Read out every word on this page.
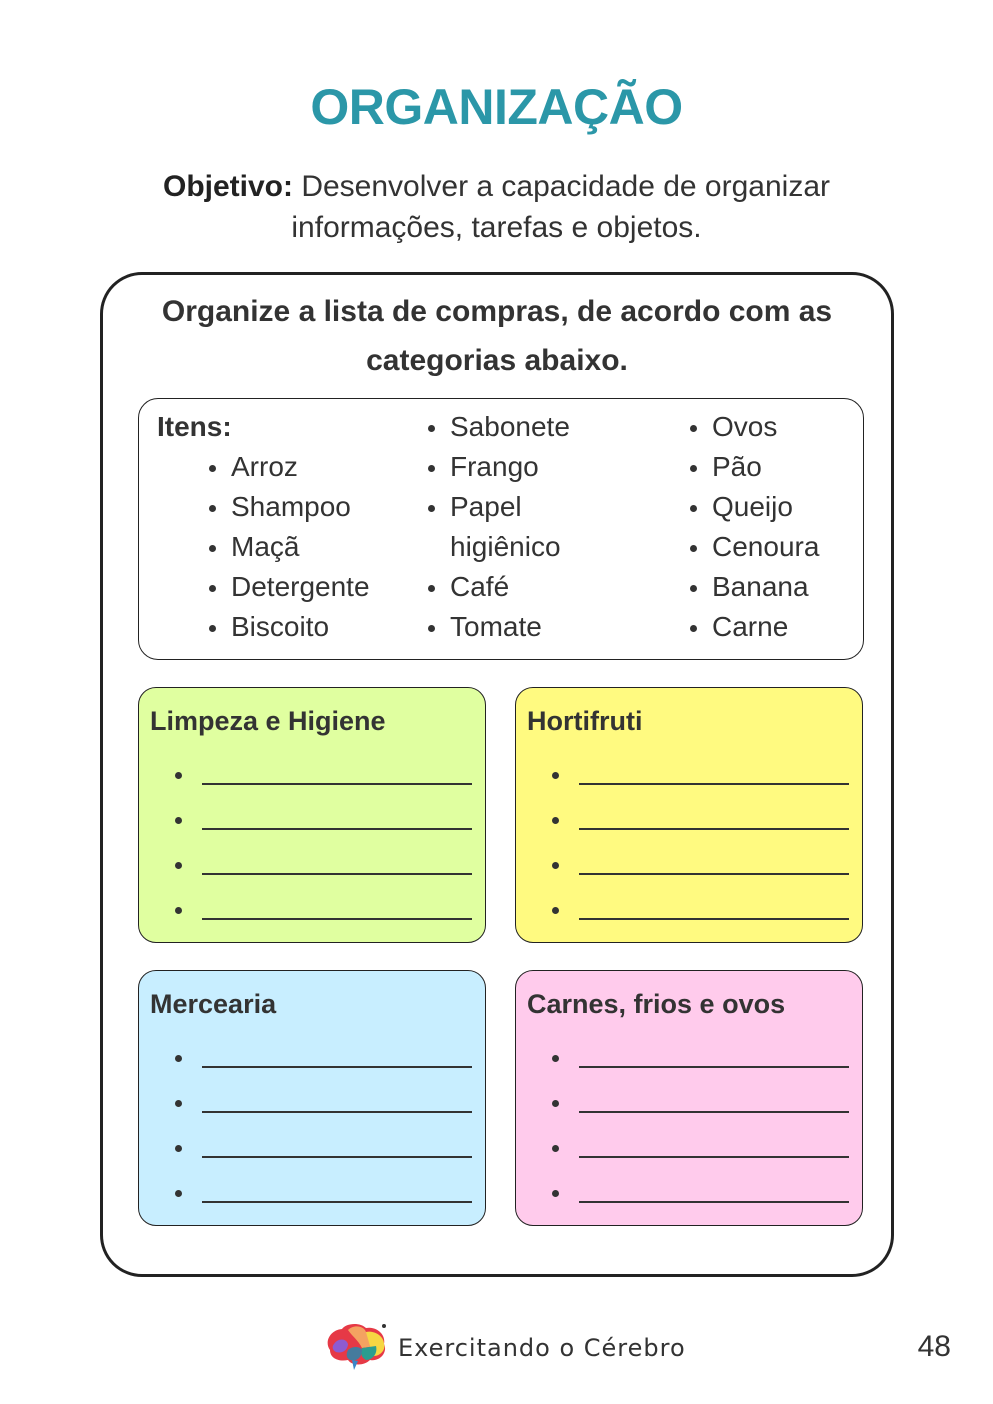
ORGANIZAÇÃO
Objetivo: Desenvolver a capacidade de organizar informações, tarefas e objetos.
Organize a lista de compras, de acordo com as categorias abaixo.
Itens:
Arroz
Shampoo
Maçã
Detergente
Biscoito
Sabonete
Frango
Papel higiênico
Café
Tomate
Ovos
Pão
Queijo
Cenoura
Banana
Carne
Limpeza e Higiene	Hortifruti
Mercearia	Carnes, frios e ovos
Exercitando o Cérebro	48
